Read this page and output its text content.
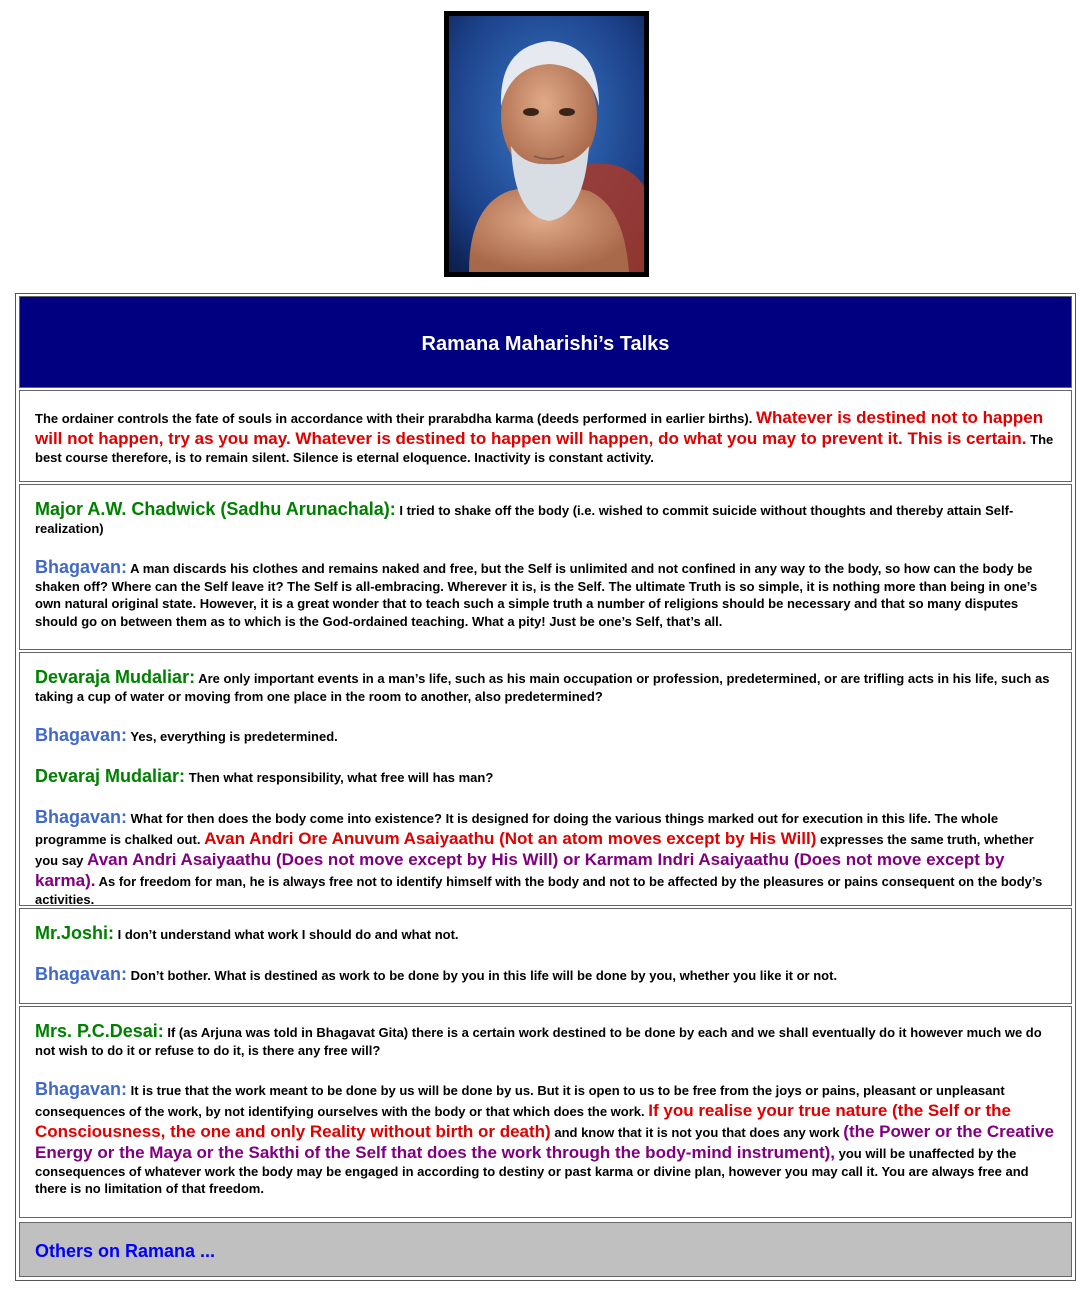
Ramana Maharishi’s Talks

The ordainer controls the fate of souls in accordance with their prarabdha karma (deeds performed in earlier births). Whatever is destined not to happen will not happen, try as you may. Whatever is destined to happen will happen, do what you may to prevent it. This is certain. The best course therefore, is to remain silent. Silence is eternal eloquence. Inactivity is constant activity.

Major A.W. Chadwick (Sadhu Arunachala): I tried to shake off the body (i.e. wished to commit suicide without thoughts and thereby attain Self-realization)

Bhagavan: A man discards his clothes and remains naked and free, but the Self is unlimited and not confined in any way to the body, so how can the body be shaken off? Where can the Self leave it? The Self is all-embracing. Wherever it is, is the Self. The ultimate Truth is so simple, it is nothing more than being in one’s own natural original state. However, it is a great wonder that to teach such a simple truth a number of religions should be necessary and that so many disputes should go on between them as to which is the God-ordained teaching. What a pity! Just be one’s Self, that’s all.

Devaraja Mudaliar: Are only important events in a man’s life, such as his main occupation or profession, predetermined, or are trifling acts in his life, such as taking a cup of water or moving from one place in the room to another, also predetermined?

Bhagavan: Yes, everything is predetermined.

Devaraj Mudaliar: Then what responsibility, what free will has man?

Bhagavan: What for then does the body come into existence? It is designed for doing the various things marked out for execution in this life. The whole programme is chalked out. Avan Andri Ore Anuvum Asaiyaathu (Not an atom moves except by His Will) expresses the same truth, whether you say Avan Andri Asaiyaathu (Does not move except by His Will) or Karmam Indri Asaiyaathu (Does not move except by karma). As for freedom for man, he is always free not to identify himself with the body and not to be affected by the pleasures or pains consequent on the body’s activities.

Mr.Joshi: I don’t understand what work I should do and what not.

Bhagavan: Don’t bother. What is destined as work to be done by you in this life will be done by you, whether you like it or not.

Mrs. P.C.Desai: If (as Arjuna was told in Bhagavat Gita) there is a certain work destined to be done by each and we shall eventually do it however much we do not wish to do it or refuse to do it, is there any free will?

Bhagavan: It is true that the work meant to be done by us will be done by us. But it is open to us to be free from the joys or pains, pleasant or unpleasant consequences of the work, by not identifying ourselves with the body or that which does the work. If you realise your true nature (the Self or the Consciousness, the one and only Reality without birth or death) and know that it is not you that does any work (the Power or the Creative Energy or the Maya or the Sakthi of the Self that does the work through the body-mind instrument), you will be unaffected by the consequences of whatever work the body may be engaged in according to destiny or past karma or divine plan, however you may call it. You are always free and there is no limitation of that freedom.

Others on Ramana ...
